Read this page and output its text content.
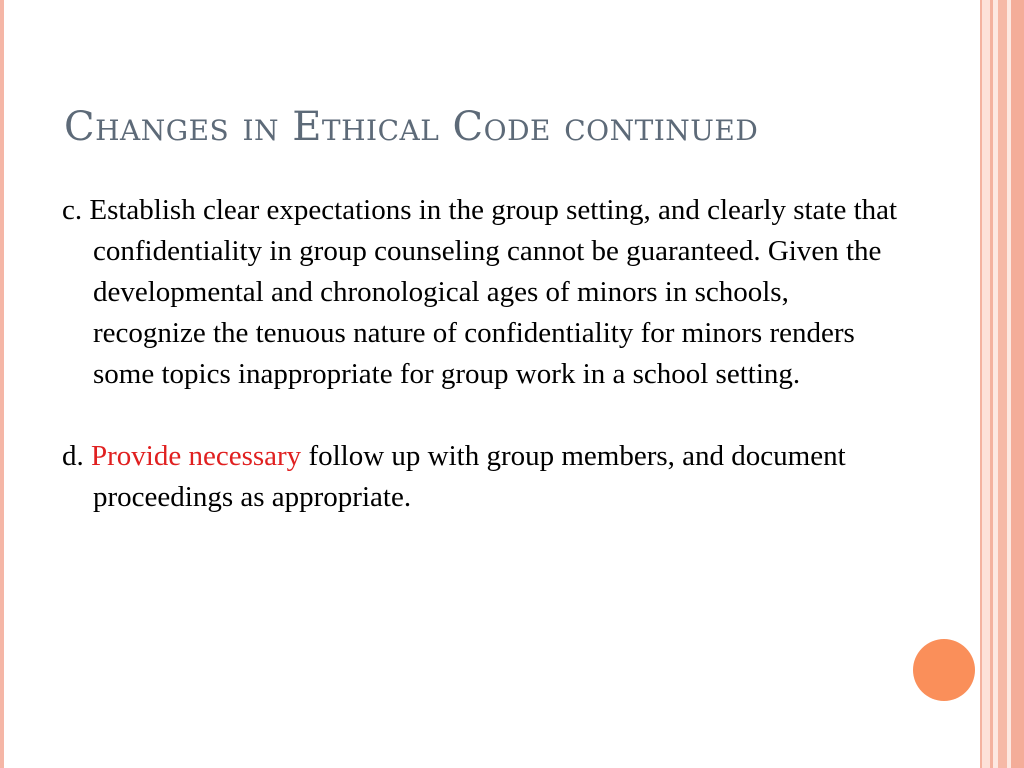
Changes in Ethical Code continued

c. Establish clear expectations in the group setting, and clearly state that confidentiality in group counseling cannot be guaranteed. Given the developmental and chronological ages of minors in schools, recognize the tenuous nature of confidentiality for minors renders some topics inappropriate for group work in a school setting.

d. Provide necessary follow up with group members, and document proceedings as appropriate.
